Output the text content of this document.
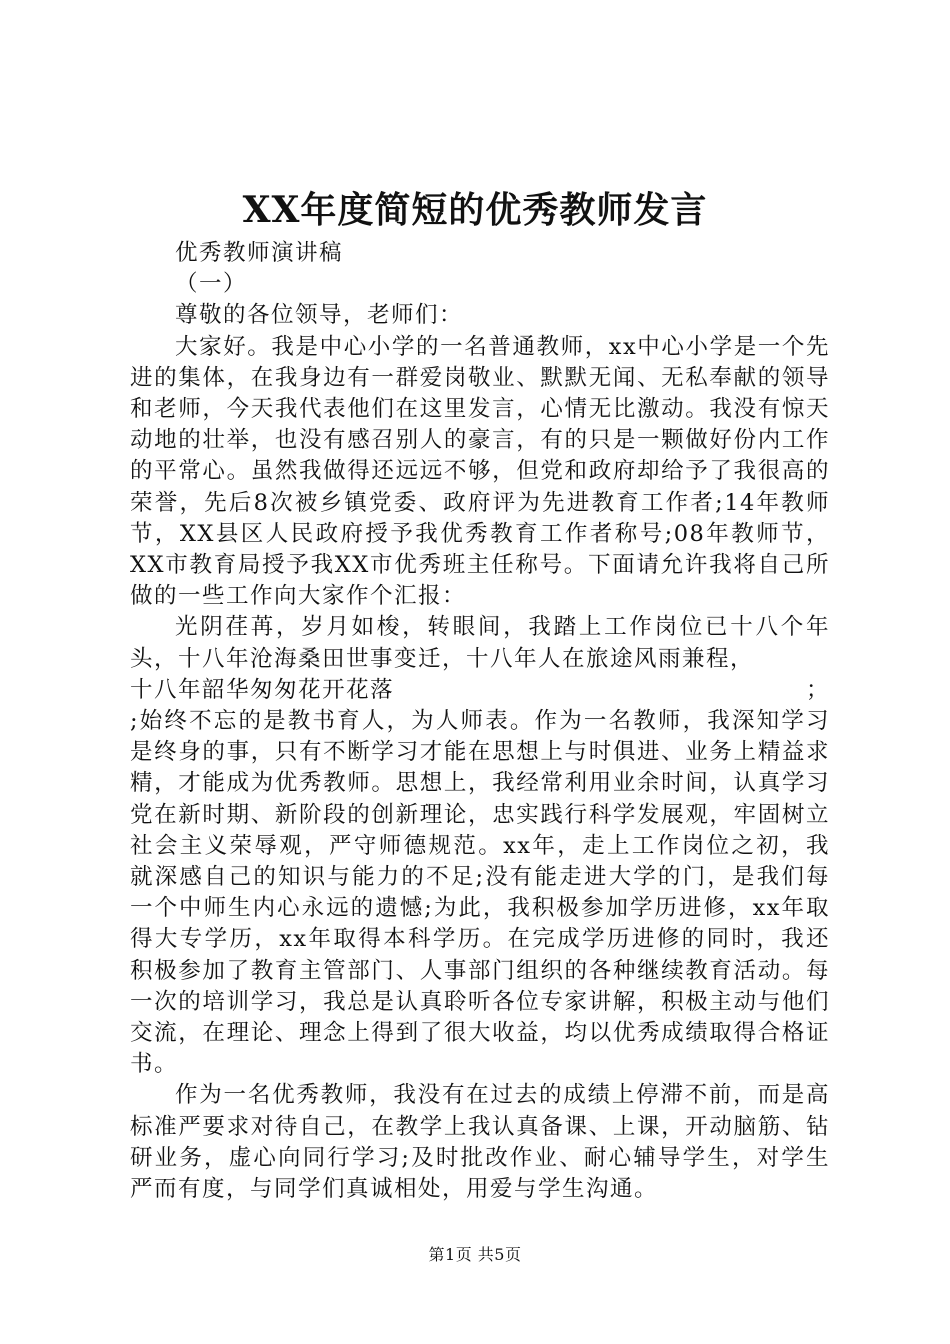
XX年度简短的优秀教师发言

优秀教师演讲稿

（一）

尊敬的各位领导，老师们：

大家好。我是中心小学的一名普通教师，xx中心小学是一个先进的集体，在我身边有一群爱岗敬业、默默无闻、无私奉献的领导和老师，今天我代表他们在这里发言，心情无比激动。我没有惊天动地的壮举，也没有感召别人的豪言，有的只是一颗做好份内工作的平常心。虽然我做得还远远不够，但党和政府却给予了我很高的荣誉，先后8次被乡镇党委、政府评为先进教育工作者;14年教师节，XX县区人民政府授予我优秀教育工作者称号;08年教师节，XX市教育局授予我XX市优秀班主任称号。下面请允许我将自己所做的一些工作向大家作个汇报：

光阴荏苒，岁月如梭，转眼间，我踏上工作岗位已十八个年头，十八年沧海桑田世事变迁，十八年人在旅途风雨兼程，

十 八 年 韶 华 匆 匆 花 开 花 落	；

;始终不忘的是教书育人，为人师表。作为一名教师，我深知学习是终身的事，只有不断学习才能在思想上与时俱进、业务上精益求精，才能成为优秀教师。思想上，我经常利用业余时间，认真学习党在新时期、新阶段的创新理论，忠实践行科学发展观，牢固树立社会主义荣辱观，严守师德规范。xx年，走上工作岗位之初，我就深感自己的知识与能力的不足;没有能走进大学的门，是我们每一个中师生内心永远的遗憾;为此，我积极参加学历进修，xx年取得大专学历，xx年取得本科学历。在完成学历进修的同时，我还积极参加了教育主管部门、人事部门组织的各种继续教育活动。每一次的培训学习，我总是认真聆听各位专家讲解，积极主动与他们交流，在理论、理念上得到了很大收益，均以优秀成绩取得合格证书。

作为一名优秀教师，我没有在过去的成绩上停滞不前，而是高标准严要求对待自己，在教学上我认真备课、上课，开动脑筋、钻研业务，虚心向同行学习;及时批改作业、耐心辅导学生，对学生严而有度，与同学们真诚相处，用爱与学生沟通。

第1页 共5页
